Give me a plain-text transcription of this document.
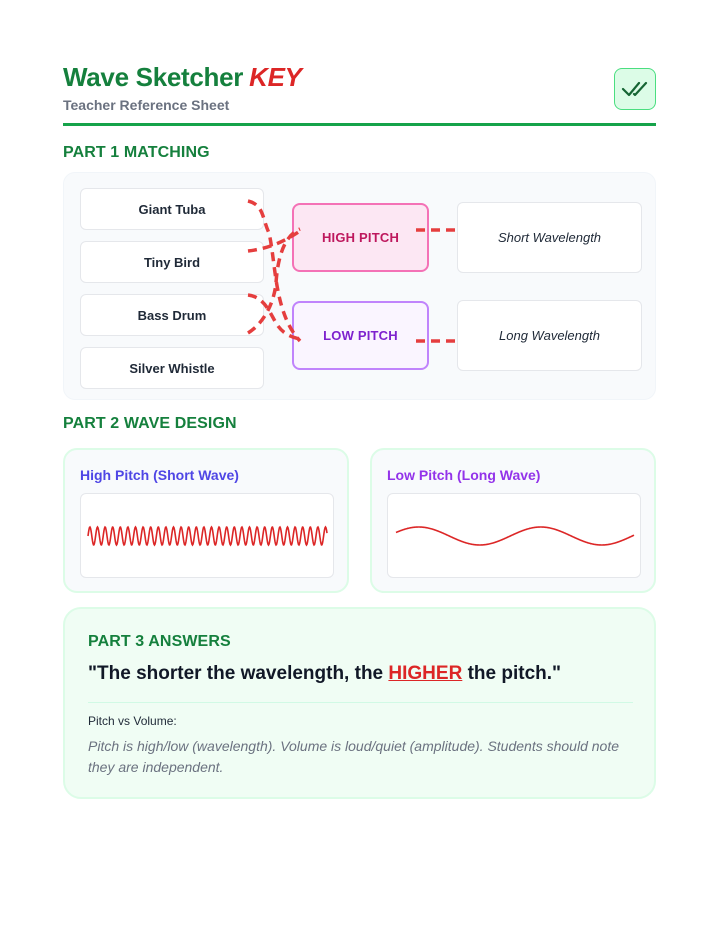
Wave Sketcher KEY
Teacher Reference Sheet
PART 1 MATCHING
Giant Tuba
Tiny Bird
Bass Drum
Silver Whistle
HIGH PITCH
LOW PITCH
Short Wavelength
Long Wavelength
PART 2 WAVE DESIGN
High Pitch (Short Wave)	Low Pitch (Long Wave)
PART 3 ANSWERS
"The shorter the wavelength, the HIGHER the pitch."
Pitch vs Volume:
Pitch is high/low (wavelength). Volume is loud/quiet (amplitude). Students should note they are independent.
